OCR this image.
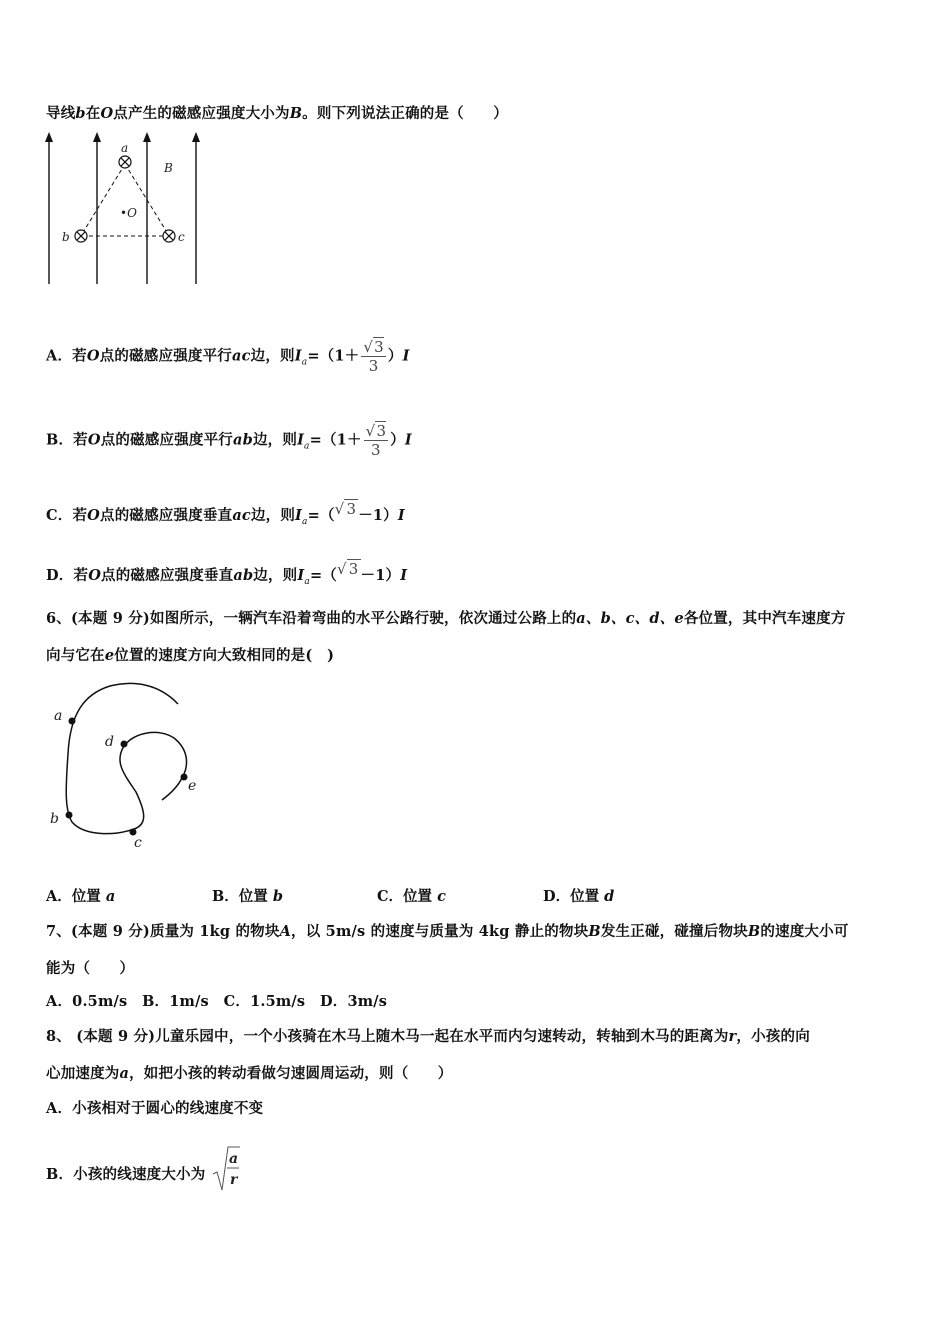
导线b在O点产生的磁感应强度大小为B。则下列说法正确的是（　　）
a
b	c
•O
B
A．若O点的磁感应强度平行ac边，则$I_a=(1+ \frac{√3}{3} )I$
B．若O点的磁感应强度平行ab边，则$I_a=(1+ \frac{√3}{3} )I$
C．若O点的磁感应强度垂直ac边，则$I_a=(√$ 3 －1）I
D．若O点的磁感应强度垂直ab边，则$I_a=(√$ 3 －1）I
6、(本题 9 分)如图所示，一辆汽车沿着弯曲的水平公路行驶，依次通过公路上的a、b、c、d、e各位置，其中汽车速度方
向与它在e位置的速度方向大致相同的是(　)
a
b
c
d
e
A．位置 a	B．位置 b	C．位置 c	D．位置 d
7、(本题 9 分)质量为 1kg 的物块A，以 5m/s 的速度与质量为 4kg 静止的物块B发生正碰，碰撞后物块B的速度大小可
能为（　　）
A．0.5m/s　B．1m/s　C．1.5m/s　D．3m/s
8、 (本题 9 分)儿童乐园中，一个小孩骑在木马上随木马一起在水平而内匀速转动，转轴到木马的距离为r，小孩的向
心加速度为a，如把小孩的转动看做匀速圆周运动，则（　　）
A．小孩相对于圆心的线速度不变
B．小孩的线速度大小为
a
r
